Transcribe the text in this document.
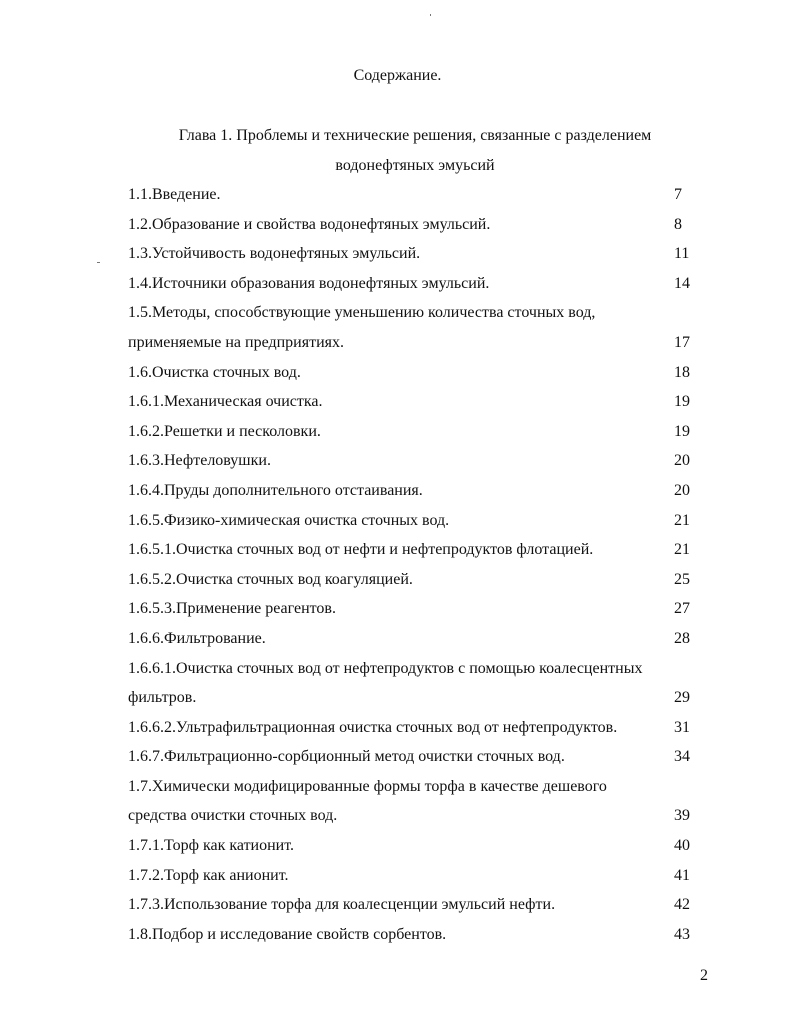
Содержание.
Глава 1. Проблемы и технические решения, связанные с разделением
водонефтяных эмуьсий
1.1.Введение.	7
1.2.Образование и свойства водонефтяных эмульсий.	8
1.3.Устойчивость водонефтяных эмульсий.	11
1.4.Источники образования водонефтяных эмульсий.	14
1.5.Методы, способствующие уменьшению количества сточных вод,
применяемые на предприятиях.	17
1.6.Очистка сточных вод.	18
1.6.1.Механическая очистка.	19
1.6.2.Решетки и песколовки.	19
1.6.3.Нефтеловушки.	20
1.6.4.Пруды дополнительного отстаивания.	20
1.6.5.Физико-химическая очистка сточных вод.	21
1.6.5.1.Очистка сточных вод от нефти и нефтепродуктов флотацией.	21
1.6.5.2.Очистка сточных вод коагуляцией.	25
1.6.5.3.Применение реагентов.	27
1.6.6.Фильтрование.	28
1.6.6.1.Очистка сточных вод от нефтепродуктов с помощью коалесцентных
фильтров.	29
1.6.6.2.Ультрафильтрационная очистка сточных вод от нефтепродуктов.	31
1.6.7.Фильтрационно-сорбционный метод очистки сточных вод.	34
1.7.Химически модифицированные формы торфа в качестве дешевого
средства очистки сточных вод.	39
1.7.1.Торф как катионит.	40
1.7.2.Торф как анионит.	41
1.7.3.Использование торфа для коалесценции эмульсий нефти.	42
1.8.Подбор и исследование свойств сорбентов.	43
2
